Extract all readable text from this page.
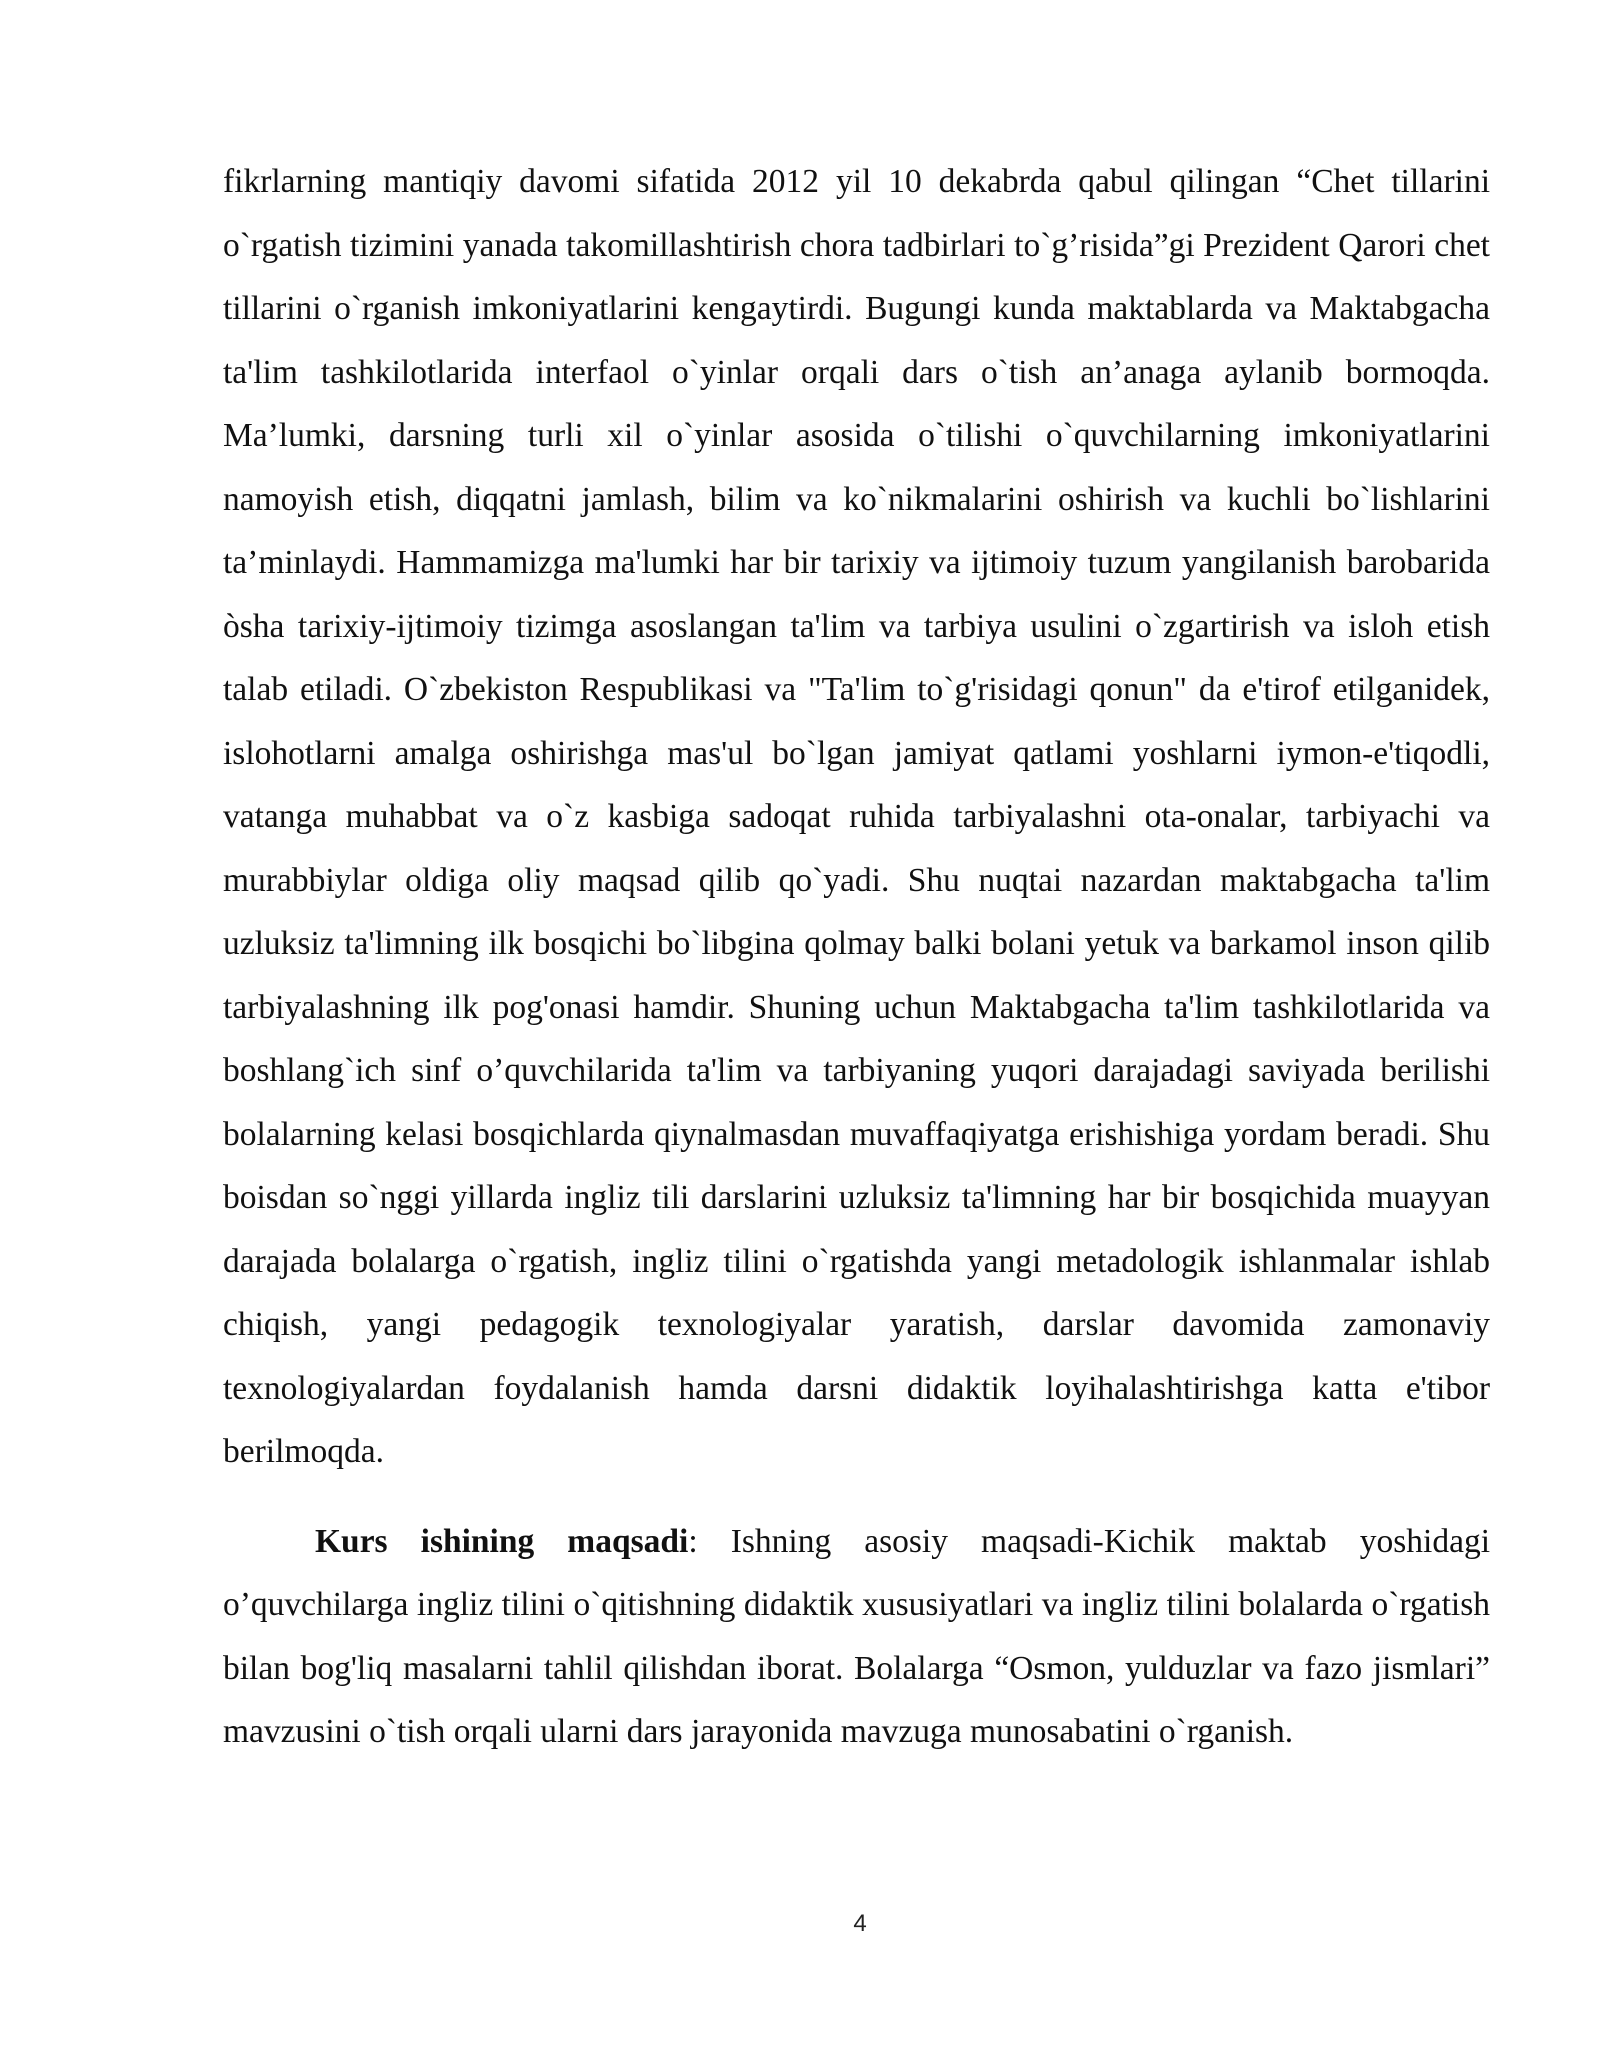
fikrlarning mantiqiy davomi sifatida 2012 yil 10 dekabrda qabul qilingan “Chet tillarini o`rgatish tizimini yanada takomillashtirish chora tadbirlari to`g’risida”gi Prezident Qarori chet tillarini o`rganish imkoniyatlarini kengaytirdi. Bugungi kunda maktablarda va Maktabgacha ta'lim tashkilotlarida interfaol o`yinlar orqali dars o`tish an’anaga aylanib bormoqda. Ma’lumki, darsning turli xil o`yinlar asosida o`tilishi o`quvchilarning imkoniyatlarini namoyish etish, diqqatni jamlash, bilim va ko`nikmalarini oshirish va kuchli bo`lishlarini ta’minlaydi. Hammamizga ma'lumki har bir tarixiy va ijtimoiy tuzum yangilanish barobarida òsha tarixiy-ijtimoiy tizimga asoslangan ta'lim va tarbiya usulini o`zgartirish va isloh etish talab etiladi. O`zbekiston Respublikasi va "Ta'lim to`g'risidagi qonun" da e'tirof etilganidek, islohotlarni amalga oshirishga mas'ul bo`lgan jamiyat qatlami yoshlarni iymon-e'tiqodli, vatanga muhabbat va o`z kasbiga sadoqat ruhida tarbiyalashni ota-onalar, tarbiyachi va murabbiylar oldiga oliy maqsad qilib qo`yadi. Shu nuqtai nazardan maktabgacha ta'lim uzluksiz ta'limning ilk bosqichi bo`libgina qolmay balki bolani yetuk va barkamol inson qilib tarbiyalashning ilk pog'onasi hamdir. Shuning uchun Maktabgacha ta'lim tashkilotlarida va boshlang`ich sinf o’quvchilarida ta'lim va tarbiyaning yuqori darajadagi saviyada berilishi bolalarning kelasi bosqichlarda qiynalmasdan muvaffaqiyatga erishishiga yordam beradi. Shu boisdan so`nggi yillarda ingliz tili darslarini uzluksiz ta'limning har bir bosqichida muayyan darajada bolalarga o`rgatish, ingliz tilini o`rgatishda yangi metadologik ishlanmalar ishlab chiqish, yangi pedagogik texnologiyalar yaratish, darslar davomida zamonaviy texnologiyalardan foydalanish hamda darsni didaktik loyihalashtirishga katta e'tibor berilmoqda.

Kurs ishining maqsadi: Ishning asosiy maqsadi-Kichik maktab yoshidagi o’quvchilarga ingliz tilini o`qitishning didaktik xususiyatlari va ingliz tilini bolalarda o`rgatish bilan bog'liq masalarni tahlil qilishdan iborat. Bolalarga “Osmon, yulduzlar va fazo jismlari” mavzusini o`tish orqali ularni dars jarayonida mavzuga munosabatini o`rganish.

4
